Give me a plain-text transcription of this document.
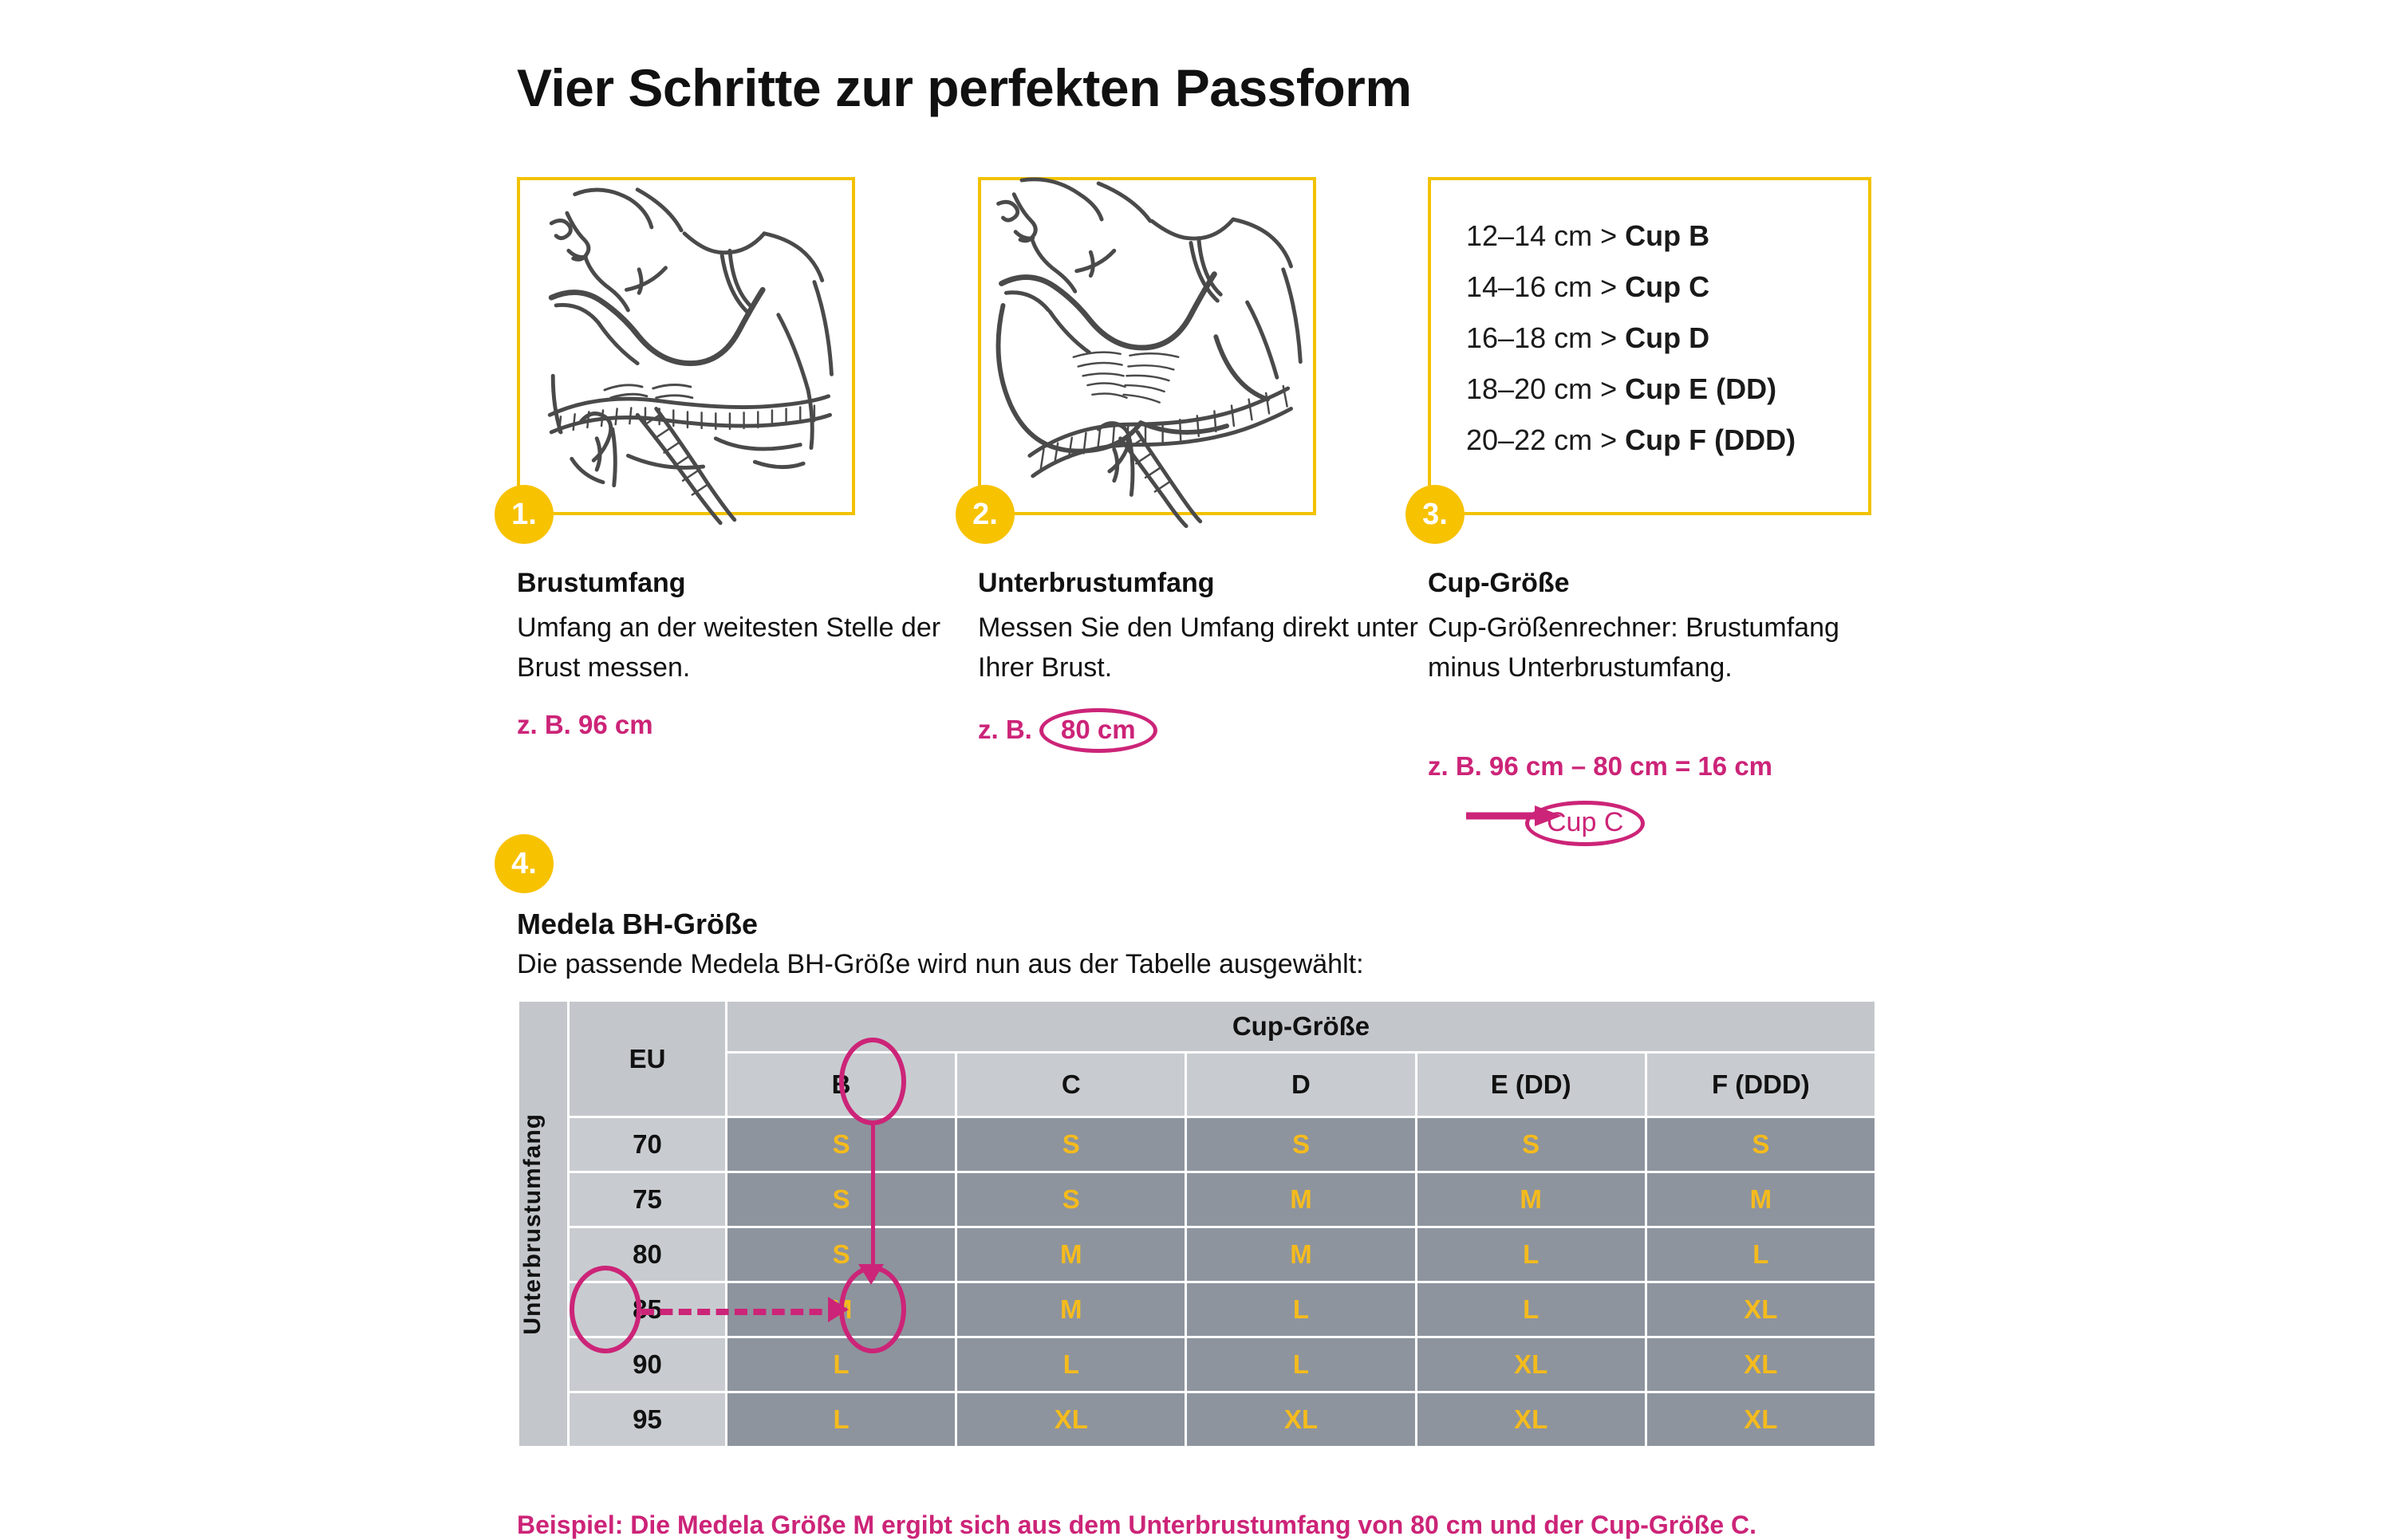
Vier Schritte zur perfekten Passform
1.	2.
12–14 cm > Cup B
14–16 cm > Cup C
16–18 cm > Cup D
18–20 cm > Cup E (DD)
20–22 cm > Cup F (DDD)
3.
Brustumfang
Umfang an der weitesten Stelle der Brust messen.
z. B. 96 cm
Unterbrustumfang
Messen Sie den Umfang direkt unter Ihrer Brust.
z. B. 80 cm
Cup-Größe
Cup-Größenrechner: Brustumfang minus Unterbrustumfang.
z. B. 96 cm – 80 cm = 16 cm
Cup C
4.
Medela BH-Größe
Die passende Medela BH-Größe wird nun aus der Tabelle ausgewählt:
Unterbrustumfang	EU	Cup-Größe				
		B	C	D	E (DD)	F (DDD)
	70	S	S	S	S	S
	75	S	S	M	M	M
	80	S	M	M	L	L
	85	M	M	L	L	XL
	90	L	L	L	XL	XL
	95	L	XL	XL	XL	XL
Beispiel: Die Medela Größe M ergibt sich aus dem Unterbrustumfang von 80 cm und der Cup-Größe C.
